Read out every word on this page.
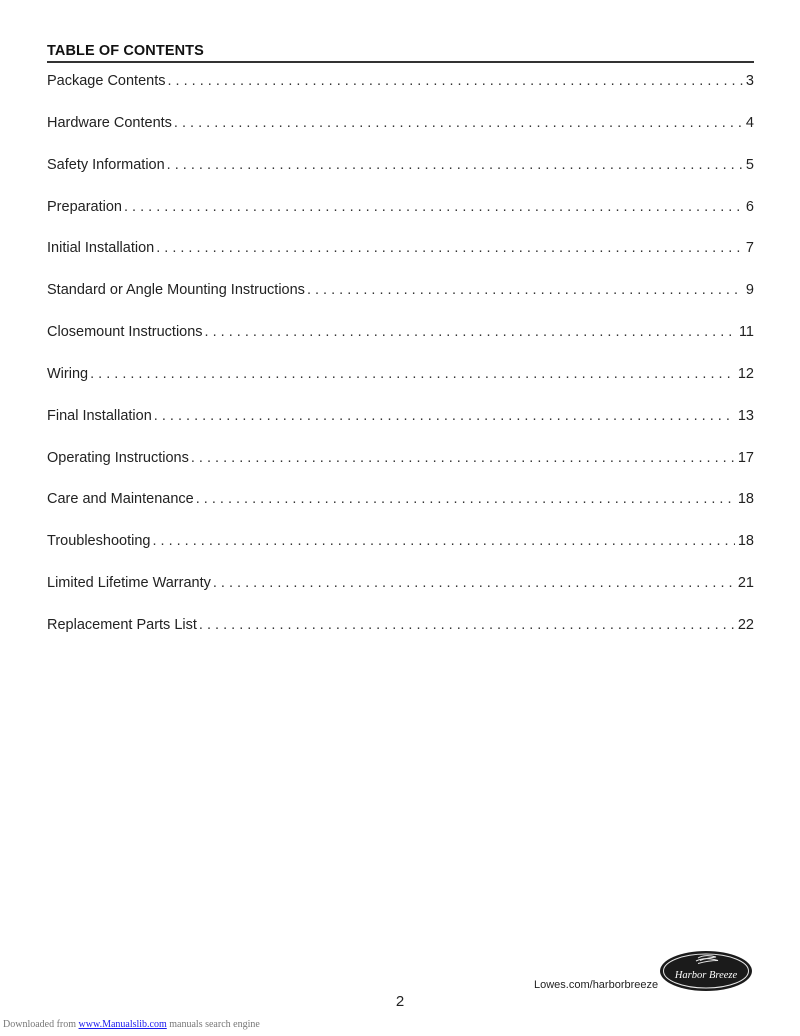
TABLE OF CONTENTS
Package Contents . . .	3
Hardware Contents . . .	4
Safety Information . . .	5
Preparation . . .	6
Initial Installation . . .	7
Standard or Angle Mounting Instructions . . .	9
Closemount Instructions . . .	11
Wiring . . .	12
Final Installation . . .	13
Operating Instructions . . .	17
Care and Maintenance . . .	18
Troubleshooting . . .	18
Limited Lifetime Warranty . . .	21
Replacement Parts List . . .	22
Lowes.com/harborbreeze
Harbor Breeze
2
Downloaded from www.Manualslib.com manuals search engine
